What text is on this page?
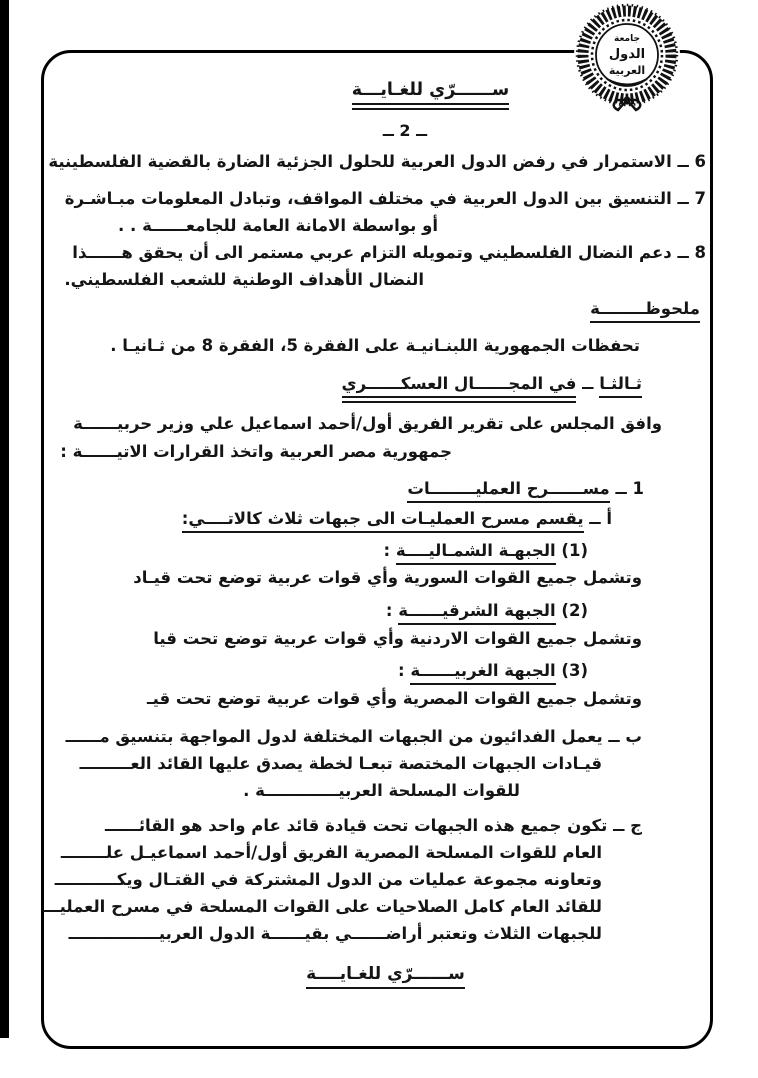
جامعة
الدول
العربية
ســــــرّي للغـايـــة
ــ 2 ــ
6 ــ الاستمرار في رفض الدول العربية للحلول الجزئية الضارة بالقضية الفلسطينية
7 ــ التنسيق بين الدول العربية في مختلف المواقف، وتبادل المعلومات مبـاشـرة
أو بواسطة الامانة العامة للجامعــــــة . .
8 ــ دعم النضال الفلسطيني وتمويله التزام عربي مستمر الى أن يحقق هــــــذا
النضال الأهداف الوطنية للشعب الفلسطيني.
ملحوظــــــــة
تحفظات الجمهورية اللبنـانيـة على الفقرة 5، الفقرة 8 من ثـانيـا .
ثـالثـا ــ في المجــــــال العسكــــــري
وافق المجلس على تقرير الفريق أول/أحمد اسماعيل علي وزير حربيــــــة
جمهورية مصر العربية واتخذ القرارات الاتيــــــة :
1 ــ مســــــرح العمليــــــــات
أ ــ يقسم مسرح العمليـات الى جبهات ثلاث كالاتــــي:
(1) الجبهـة الشمـاليــــة :
وتشمل جميع القوات السورية وأي قوات عربية توضع تحت قيـاد
(2) الجبهة الشرقيــــــة :
وتشمل جميع القوات الاردنية وأي قوات عربية توضع تحت قيا
(3) الجبهة الغربيــــــة :
وتشمل جميع القوات المصرية وأي قوات عربية توضع تحت قيـ
ب ــ يعمل الفدائيون من الجبهات المختلفة لدول المواجهة بتنسيق مــــــ
قيـادات الجبهات المختصة تبعـا لخطة يصدق عليها القائد العـــــــــ
للقوات المسلحة العربيـــــــــــــة .
ج ــ تكون جميع هذه الجبهات تحت قيادة قائد عام واحد هو القائــــــ
العام للقوات المسلحة المصرية الفريق أول/أحمد اسماعيـل علــــــــ
وتعاونه مجموعة عمليات من الدول المشتركة في القتـال ويكـــــــــــ
للقائد العام كامل الصلاحيات على القوات المسلحة في مسرح العمليـــ
للجبهات الثلاث وتعتبر أراضــــــي بقيــــــة الدول العربيــــــــــــــــ
ســــــرّي للغـايــــة
